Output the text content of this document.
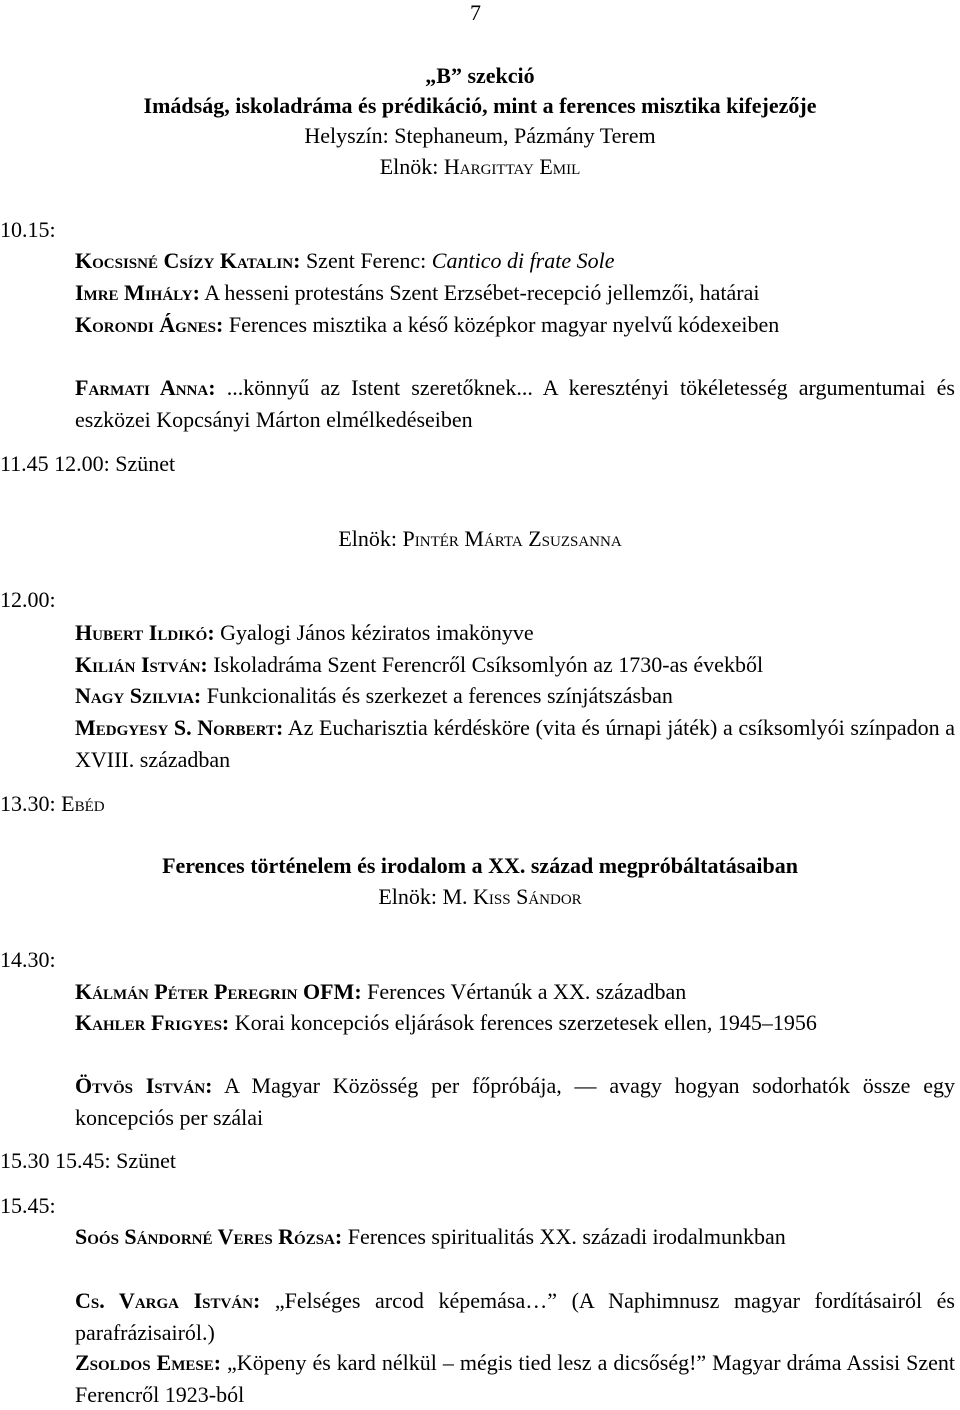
7
„B” szekció
Imádság, iskoladráma és prédikáció, mint a ferences misztika kifejezője
Helyszín: Stephaneum, Pázmány Terem
Elnök: Hargittay Emil
10.15:
Kocsisné Csízy Katalin: Szent Ferenc: Cantico di frate Sole
Imre Mihály: A hesseni protestáns Szent Erzsébet-recepció jellemzői, határai
Korondi Ágnes: Ferences misztika a késő középkor magyar nyelvű kódexeiben
Farmati Anna: ...könnyű az Istent szeretőknek... A keresztényi tökéletesség argumentumai és eszközei Kopcsányi Márton elmélkedéseiben
11.45 12.00: Szünet
Elnök: Pintér Márta Zsuzsanna
12.00:
Hubert Ildikó: Gyalogi János kéziratos imakönyve
Kilián István: Iskoladráma Szent Ferencről Csíksomlyón az 1730-as évekből
Nagy Szilvia: Funkcionalitás és szerkezet a ferences színjátszásban
Medgyesy S. Norbert: Az Eucharisztia kérdésköre (vita és úrnapi játék) a csíksomlyói színpadon a XVIII. században
13.30: Ebéd
Ferences történelem és irodalom a XX. század megpróbáltatásaiban
Elnök: M. Kiss Sándor
14.30:
Kálmán Péter Peregrin OFM: Ferences Vértanúk a XX. században
Kahler Frigyes: Korai koncepciós eljárások ferences szerzetesek ellen, 1945–1956
Ötvös István: A Magyar Közösség per főpróbája, — avagy hogyan sodorhatók össze egy koncepciós per szálai
15.30 15.45: Szünet
15.45:
Soós Sándorné Veres Rózsa: Ferences spiritualitás XX. századi irodalmunkban
Cs. Varga István: „Felséges arcod képemása…” (A Naphimnusz magyar fordításairól és parafrázisairól.)
Zsoldos Emese: „Köpeny és kard nélkül – mégis tied lesz a dicsőség!” Magyar dráma Assisi Szent Ferencről 1923-ból
